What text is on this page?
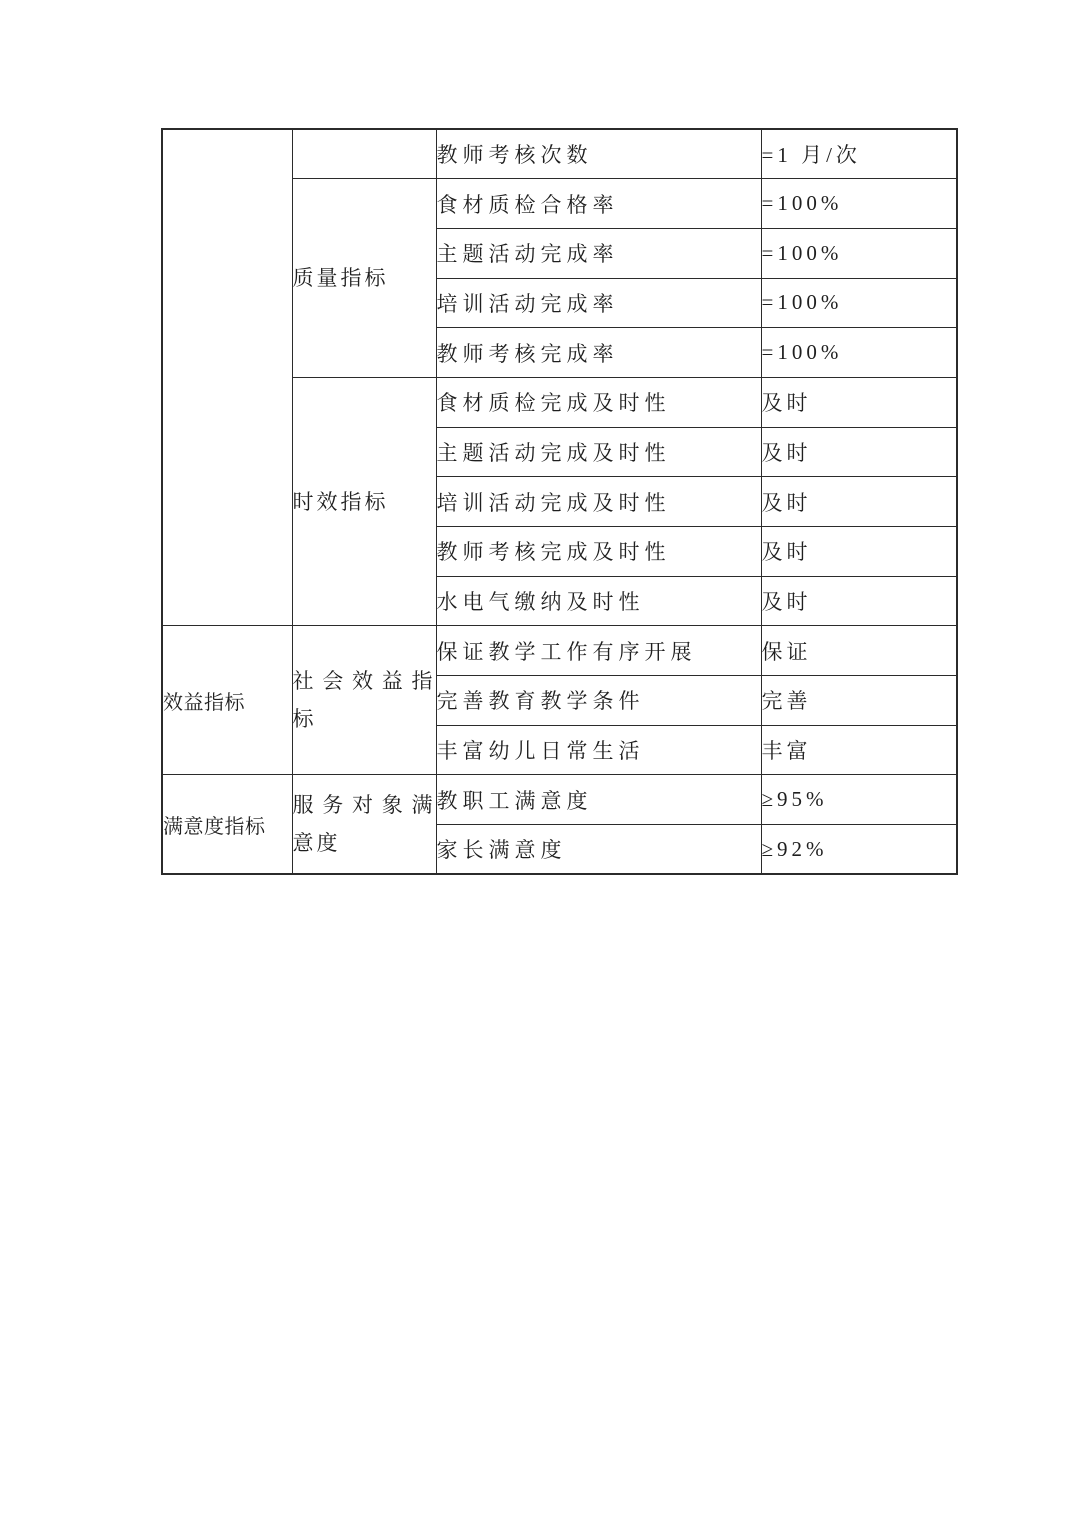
		教师考核次数	=1 月/次
	质量指标	食材质检合格率	=100%
		主题活动完成率	=100%
		培训活动完成率	=100%
		教师考核完成率	=100%
	时效指标	食材质检完成及时性	及时
		主题活动完成及时性	及时
		培训活动完成及时性	及时
		教师考核完成及时性	及时
		水电气缴纳及时性	及时
效益指标	社会效益指标	保证教学工作有序开展	保证
		完善教育教学条件	完善
		丰富幼儿日常生活	丰富
满意度指标	服务对象满意度	教职工满意度	≥95%
		家长满意度	≥92%
